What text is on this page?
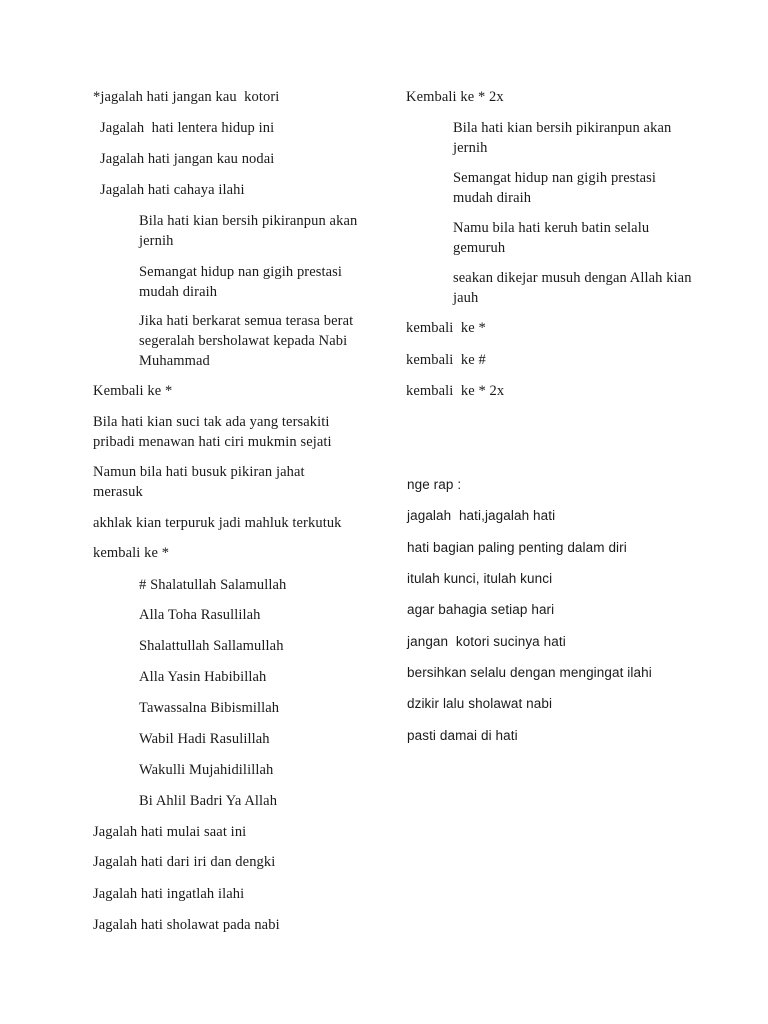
*jagalah hati jangan kau  kotori
Jagalah  hati lentera hidup ini
Jagalah hati jangan kau nodai
Jagalah hati cahaya ilahi
Bila hati kian bersih pikiranpun akan jernih
Semangat hidup nan gigih prestasi mudah diraih
Jika hati berkarat semua terasa berat segeralah bersholawat kepada Nabi Muhammad
Kembali ke *
Bila hati kian suci tak ada yang tersakiti pribadi menawan hati ciri mukmin sejati
Namun bila hati busuk pikiran jahat merasuk
akhlak kian terpuruk jadi mahluk terkutuk
kembali ke *
# Shalatullah Salamullah
Alla Toha Rasullilah
Shalattullah Sallamullah
Alla Yasin Habibillah
Tawassalna Bibismillah
Wabil Hadi Rasulillah
Wakulli Mujahidilillah
Bi Ahlil Badri Ya Allah
Jagalah hati mulai saat ini
Jagalah hati dari iri dan dengki
Jagalah hati ingatlah ilahi
Jagalah hati sholawat pada nabi
Kembali ke * 2x
Bila hati kian bersih pikiranpun akan jernih
Semangat hidup nan gigih prestasi mudah diraih
Namu bila hati keruh batin selalu gemuruh
seakan dikejar musuh dengan Allah kian jauh
kembali  ke *
kembali  ke #
kembali  ke * 2x
nge rap :
jagalah  hati,jagalah hati
hati bagian paling penting dalam diri
itulah kunci, itulah kunci
agar bahagia setiap hari
jangan  kotori sucinya hati
bersihkan selalu dengan mengingat ilahi
dzikir lalu sholawat nabi
pasti damai di hati
